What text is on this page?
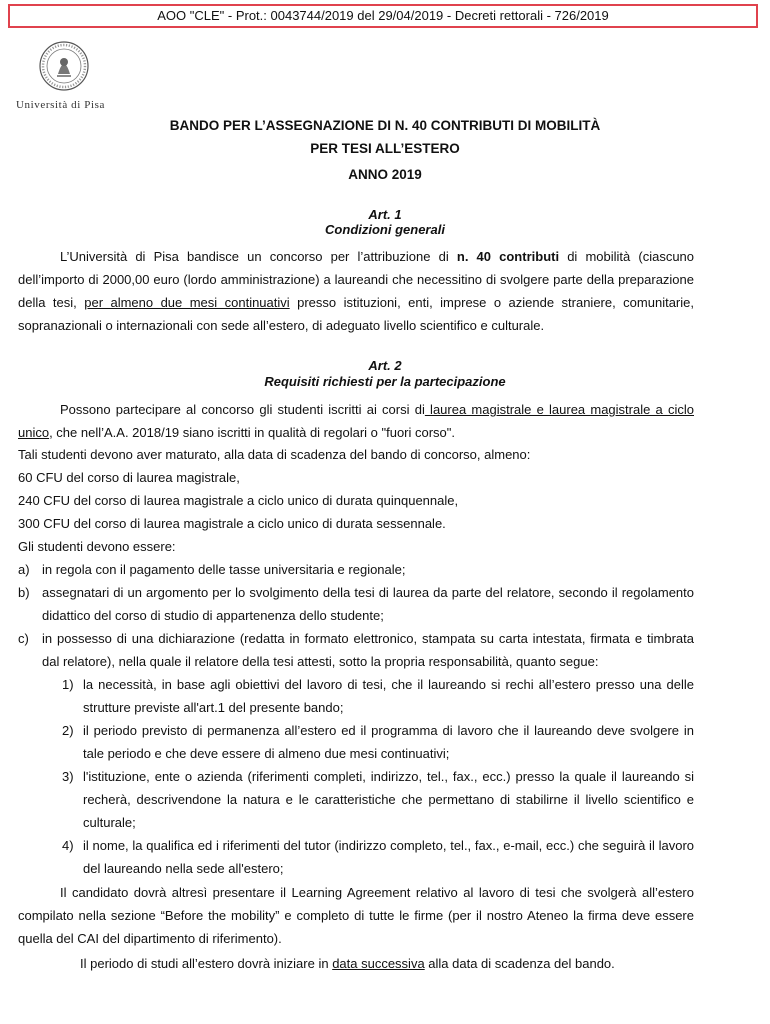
AOO "CLE" - Prot.: 0043744/2019 del 29/04/2019 - Decreti rettorali - 726/2019
Università di Pisa
BANDO PER L’ASSEGNAZIONE DI N. 40 CONTRIBUTI DI MOBILITÀ
PER TESI ALL’ESTERO
ANNO 2019
Art. 1
Condizioni generali

L’Università di Pisa bandisce un concorso per l’attribuzione di n. 40 contributi di mobilità (ciascuno dell’importo di 2000,00 euro (lordo amministrazione) a laureandi che necessitino di svolgere parte della preparazione della tesi, per almeno due mesi continuativi presso istituzioni, enti, imprese o aziende straniere, comunitarie, sopranazionali o internazionali con sede all’estero, di adeguato livello scientifico e culturale.

Art. 2
Requisiti richiesti per la partecipazione

Possono partecipare al concorso gli studenti iscritti ai corsi di laurea magistrale e laurea magistrale a ciclo unico, che nell’A.A. 2018/19 siano iscritti in qualità di regolari o "fuori corso".

Tali studenti devono aver maturato, alla data di scadenza del bando di concorso, almeno:

60 CFU del corso di laurea magistrale,

240 CFU del corso di laurea magistrale a ciclo unico di durata quinquennale,

300 CFU del corso di laurea magistrale a ciclo unico di durata sessennale.

Gli studenti devono essere:

a) in regola con il pagamento delle tasse universitaria e regionale;

b) assegnatari di un argomento per lo svolgimento della tesi di laurea da parte del relatore, secondo il regolamento didattico del corso di studio di appartenenza dello studente;

c) in possesso di una dichiarazione (redatta in formato elettronico, stampata su carta intestata, firmata e timbrata dal relatore), nella quale il relatore della tesi attesti, sotto la propria responsabilità, quanto segue:

1) la necessità, in base agli obiettivi del lavoro di tesi, che il laureando si rechi all’estero presso una delle strutture previste all'art.1 del presente bando;

2) il periodo previsto di permanenza all’estero ed il programma di lavoro che il laureando deve svolgere in tale periodo e che deve essere di almeno due mesi continuativi;

3) l'istituzione, ente o azienda (riferimenti completi, indirizzo, tel., fax., ecc.) presso la quale il laureando si recherà, descrivendone la natura e le caratteristiche che permettano di stabilirne il livello scientifico e culturale;

4) il nome, la qualifica ed i riferimenti del tutor (indirizzo completo, tel., fax., e-mail, ecc.) che seguirà il lavoro del laureando nella sede all'estero;

Il candidato dovrà altresì presentare il Learning Agreement relativo al lavoro di tesi che svolgerà all’estero compilato nella sezione “Before the mobility” e completo di tutte le firme (per il nostro Ateneo la firma deve essere quella del CAI del dipartimento di riferimento).

Il periodo di studi all’estero dovrà iniziare in data successiva alla data di scadenza del bando.
